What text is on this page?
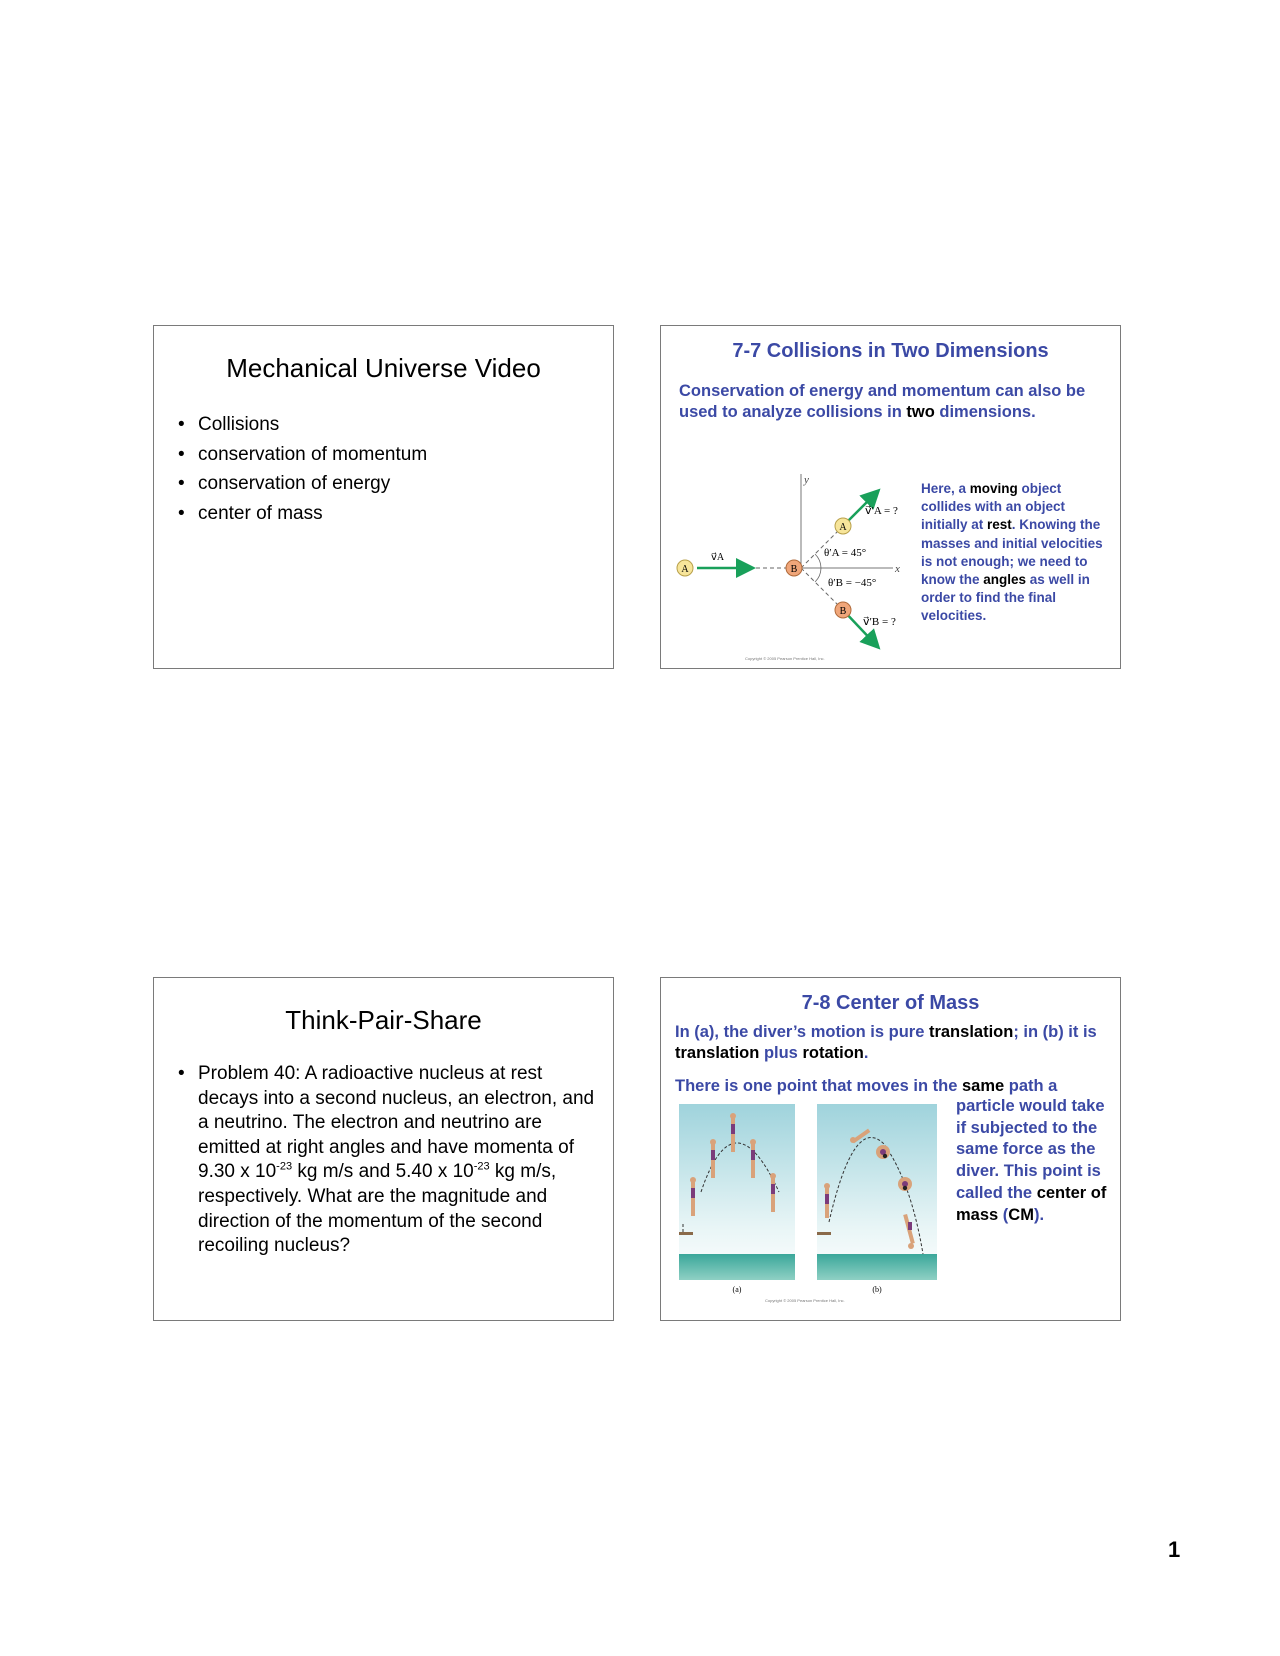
Mechanical Universe Video
• Collisions
• conservation of momentum
• conservation of energy
• center of mass
7-7 Collisions in Two Dimensions
Conservation of energy and momentum can also be used to analyze collisions in two dimensions.
y
x
A	B
A
B
v⃗A
v⃗′A = ?
θ′A = 45°
θ′B = −45°
v⃗′B = ?
Here, a moving object collides with an object initially at rest. Knowing the masses and initial velocities is not enough; we need to know the angles as well in order to find the final velocities.
Copyright © 2005 Pearson Prentice Hall, Inc.
Think-Pair-Share
• Problem 40: A radioactive nucleus at rest decays into a second nucleus, an electron, and a neutrino. The electron and neutrino are emitted at right angles and have momenta of 9.30 x $10^{-23}$ kg m/s and 5.40 x $10^{-23}$ kg m/s, respectively. What are the magnitude and direction of the momentum of the second recoiling nucleus?
7-8 Center of Mass
In (a), the diver’s motion is pure translation; in (b) it is translation plus rotation.
There is one point that moves in the same path a
particle would take if subjected to the same force as the diver. This point is called the center of mass (CM).
(a)	(b)
Copyright © 2005 Pearson Prentice Hall, Inc.
1
